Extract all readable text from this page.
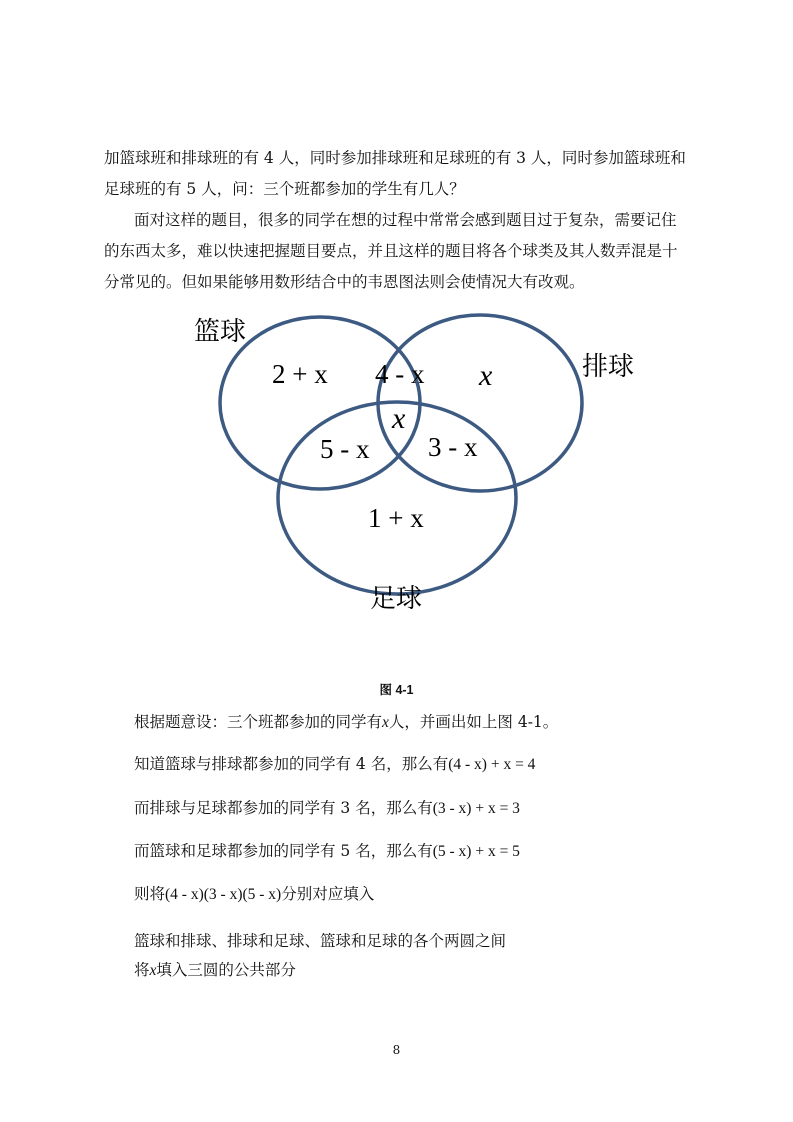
加篮球班和排球班的有 4 人，同时参加排球班和足球班的有 3 人，同时参加篮球班和
足球班的有 5 人，问：三个班都参加的学生有几人？
面对这样的题目，很多的同学在想的过程中常常会感到题目过于复杂，需要记住
的东西太多，难以快速把握题目要点，并且这样的题目将各个球类及其人数弄混是十
分常见的。但如果能够用数形结合中的韦恩图法则会使情况大有改观。
篮球
排球
足球
2 + x 4 - x x
x
5 - x 3 - x
1 + x
图 4-1
根据题意设：三个班都参加的同学有x人，并画出如上图 4-1。
知道篮球与排球都参加的同学有 4 名，那么有(4 - x) + x = 4
而排球与足球都参加的同学有 3 名，那么有(3 - x) + x = 3
而篮球和足球都参加的同学有 5 名，那么有(5 - x) + x = 5
则将(4 - x)(3 - x)(5 - x)分别对应填入
篮球和排球、排球和足球、篮球和足球的各个两圆之间
将x填入三圆的公共部分
8
